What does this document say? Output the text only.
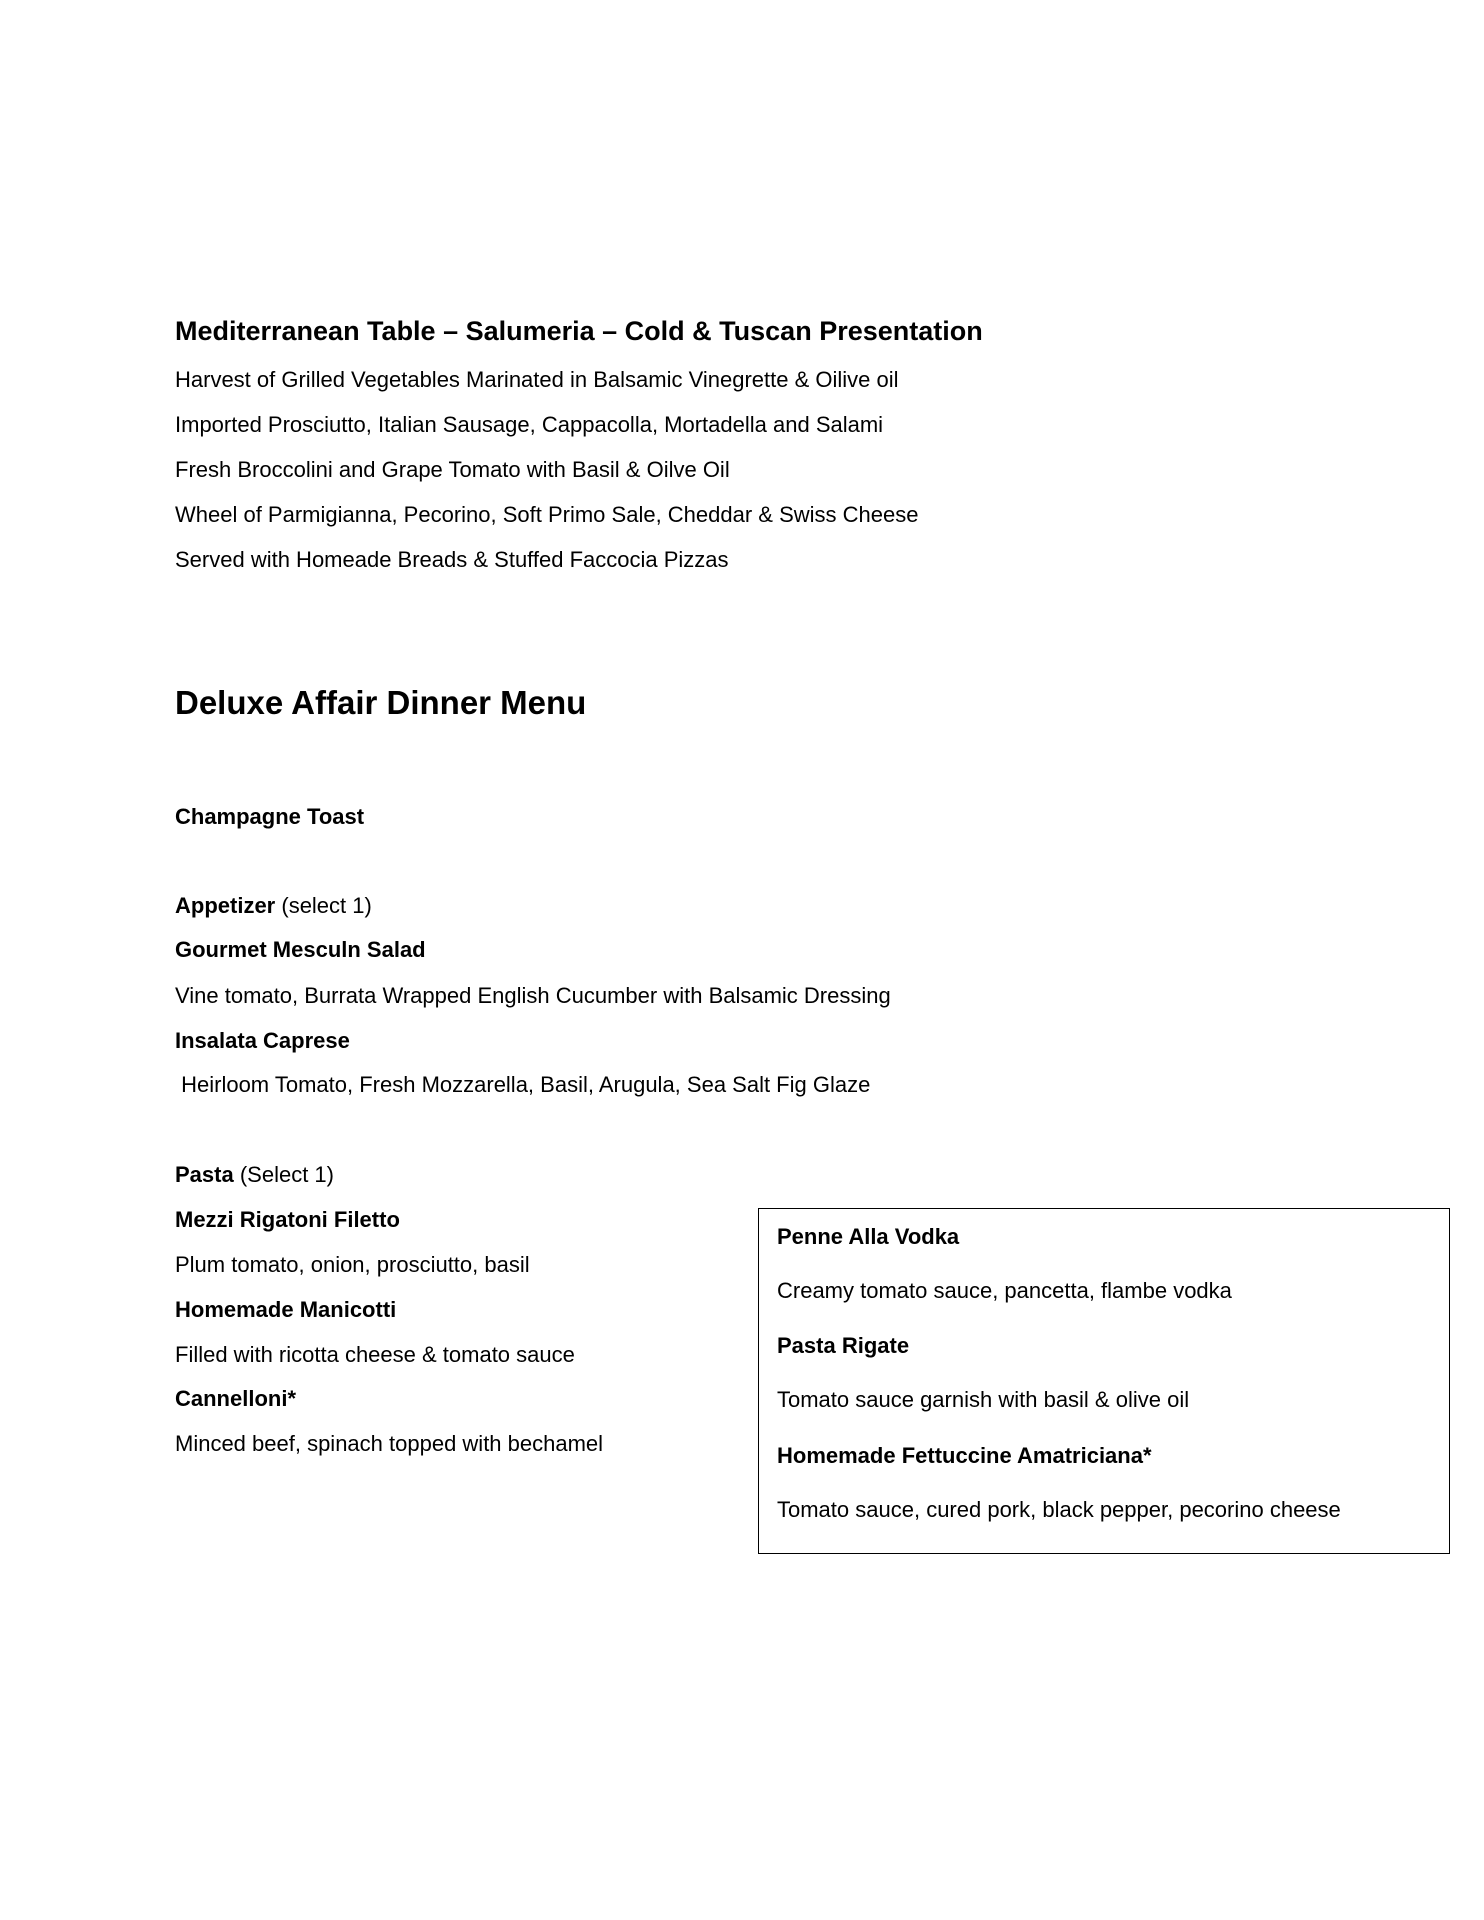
Mediterranean Table – Salumeria – Cold & Tuscan Presentation
Harvest of Grilled Vegetables Marinated in Balsamic Vinegrette & Oilive oil
Imported Prosciutto, Italian Sausage, Cappacolla, Mortadella and Salami
Fresh Broccolini and Grape Tomato with Basil & Oilve Oil
Wheel of Parmigianna, Pecorino, Soft Primo Sale, Cheddar & Swiss Cheese
Served with Homeade Breads & Stuffed Faccocia Pizzas
Deluxe Affair Dinner Menu
Champagne Toast
Appetizer (select 1)
Gourmet Mesculn Salad
Vine tomato, Burrata Wrapped English Cucumber with Balsamic Dressing
Insalata Caprese
Heirloom Tomato, Fresh Mozzarella, Basil, Arugula, Sea Salt Fig Glaze
Pasta (Select 1)
Mezzi Rigatoni Filetto
Plum tomato, onion, prosciutto, basil
Homemade Manicotti
Filled with ricotta cheese & tomato sauce
Cannelloni*
Minced beef, spinach topped with bechamel
Penne Alla Vodka
Creamy tomato sauce, pancetta, flambe vodka
Pasta Rigate
Tomato sauce garnish with basil & olive oil
Homemade Fettuccine Amatriciana*
Tomato sauce, cured pork, black pepper, pecorino cheese
